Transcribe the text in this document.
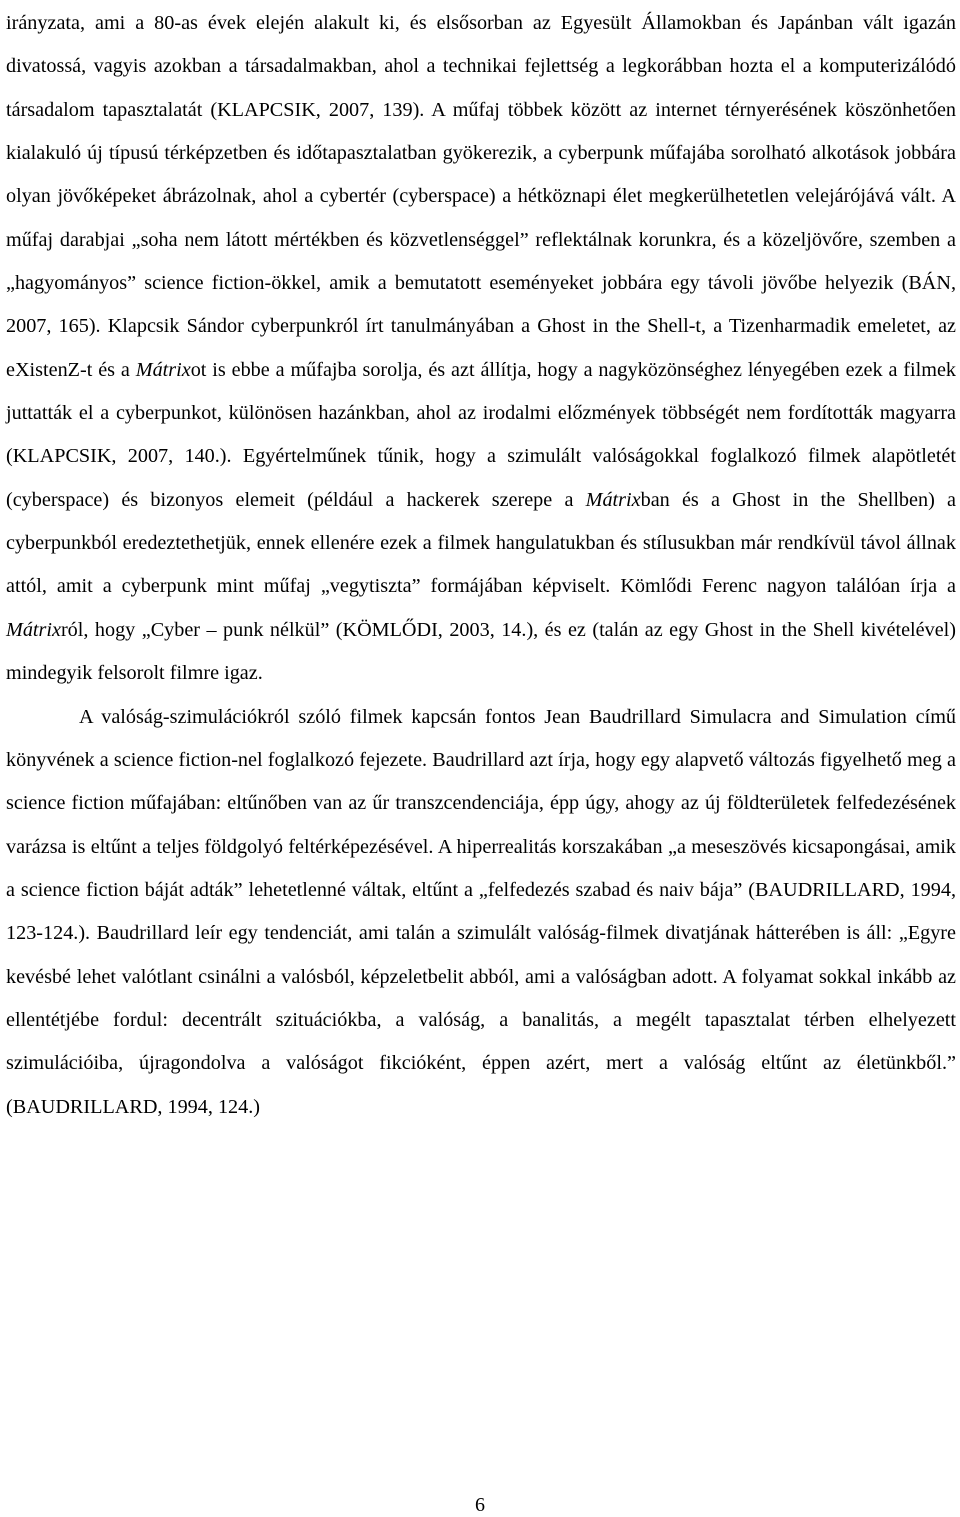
irányzata, ami a 80-as évek elején alakult ki, és elsősorban az Egyesült Államokban és Japánban vált igazán divatossá, vagyis azokban a társadalmakban, ahol a technikai fejlettség a legkorábban hozta el a komputerizálódó társadalom tapasztalatát (KLAPCSIK, 2007, 139). A műfaj többek között az internet térnyerésének köszönhetően kialakuló új típusú térképzetben és időtapasztalatban gyökerezik, a cyberpunk műfajába sorolható alkotások jobbára olyan jövőképeket ábrázolnak, ahol a cybertér (cyberspace) a hétköznapi élet megkerülhetetlen velejárójává vált. A műfaj darabjai „soha nem látott mértékben és közvetlenséggel” reflektálnak korunkra, és a közeljövőre, szemben a „hagyományos” science fiction-ökkel, amik a bemutatott eseményeket jobbára egy távoli jövőbe helyezik (BÁN, 2007, 165). Klapcsik Sándor cyberpunkról írt tanulmányában a Ghost in the Shell-t, a Tizenharmadik emeletet, az eXistenZ-t és a Mátrixot is ebbe a műfajba sorolja, és azt állítja, hogy a nagyközönséghez lényegében ezek a filmek juttatták el a cyberpunkot, különösen hazánkban, ahol az irodalmi előzmények többségét nem fordították magyarra (KLAPCSIK, 2007, 140.). Egyértelműnek tűnik, hogy a szimulált valóságokkal foglalkozó filmek alapötletét (cyberspace) és bizonyos elemeit (például a hackerek szerepe a Mátrixban és a Ghost in the Shellben) a cyberpunkból eredeztethetjük, ennek ellenére ezek a filmek hangulatukban és stílusukban már rendkívül távol állnak attól, amit a cyberpunk mint műfaj „vegytiszta” formájában képviselt. Kömlődi Ferenc nagyon találóan írja a Mátrixról, hogy „Cyber – punk nélkül” (KÖMLŐDI, 2003, 14.), és ez (talán az egy Ghost in the Shell kivételével) mindegyik felsorolt filmre igaz.

A valóság-szimulációkról szóló filmek kapcsán fontos Jean Baudrillard Simulacra and Simulation című könyvének a science fiction-nel foglalkozó fejezete. Baudrillard azt írja, hogy egy alapvető változás figyelhető meg a science fiction műfajában: eltűnőben van az űr transzcendenciája, épp úgy, ahogy az új földterületek felfedezésének varázsa is eltűnt a teljes földgolyó feltérképezésével. A hiperrealitás korszakában „a meseszövés kicsapongásai, amik a science fiction báját adták” lehetetlenné váltak, eltűnt a „felfedezés szabad és naiv bája” (BAUDRILLARD, 1994, 123-124.). Baudrillard leír egy tendenciát, ami talán a szimulált valóság-filmek divatjának hátterében is áll: „Egyre kevésbé lehet valótlant csinálni a valósból, képzeletbelit abból, ami a valóságban adott. A folyamat sokkal inkább az ellentétjébe fordul: decentrált szituációkba, a valóság, a banalitás, a megélt tapasztalat térben elhelyezett szimulációiba, újragondolva a valóságot fikcióként, éppen azért, mert a valóság eltűnt az életünkből.” (BAUDRILLARD, 1994, 124.)

6
